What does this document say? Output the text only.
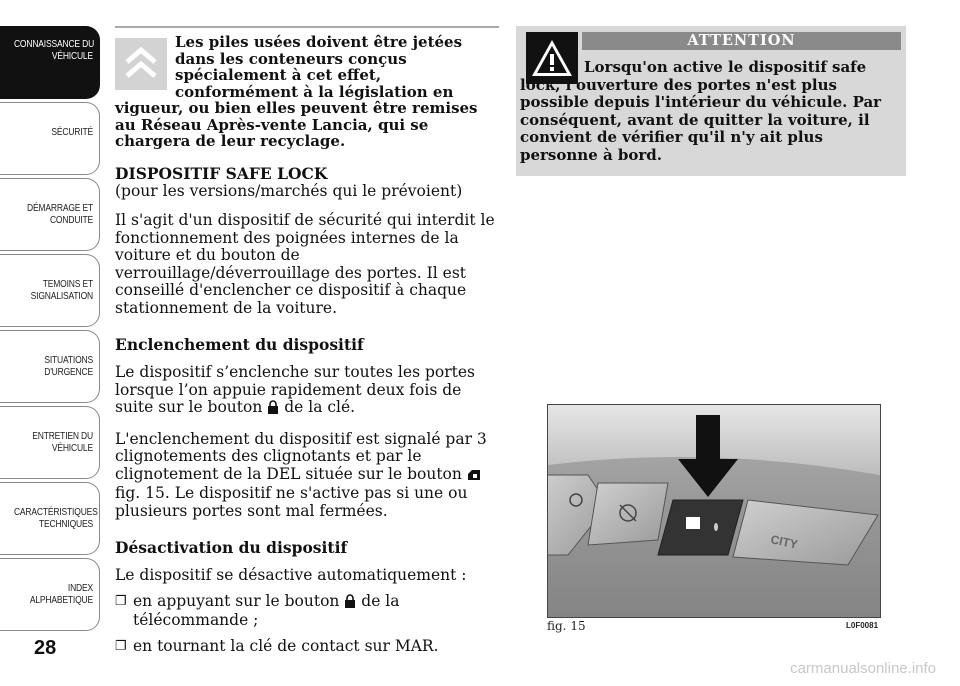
CONNAISSANCE DU
VÉHICULE
SÉCURITÉ
DÉMARRAGE ET
CONDUITE
TEMOINS ET
SIGNALISATION
SITUATIONS
D'URGENCE
ENTRETIEN DU
VÉHICULE
CARACTÉRISTIQUES
TECHNIQUES
INDEX
ALPHABETIQUE
28
Les piles usées doivent être jetées dans les conteneurs conçus spécialement à cet effet, conformément à la législation en vigueur, ou bien elles peuvent être remises au Réseau Après-vente Lancia, qui se chargera de leur recyclage.
DISPOSITIF SAFE LOCK

(pour les versions/marchés qui le prévoient)

Il s'agit d'un dispositif de sécurité qui interdit le fonctionnement des poignées internes de la voiture et du bouton de verrouillage/déverrouillage des portes. Il est conseillé d'enclencher ce dispositif à chaque stationnement de la voiture.

Enclenchement du dispositif

Le dispositif s’enclenche sur toutes les portes lorsque l’on appuie rapidement deux fois de suite sur le bouton de la clé.

L'enclenchement du dispositif est signalé par 3 clignotements des clignotants et par le clignotement de la DEL située sur le bouton  fig. 15. Le dispositif ne s'active pas si une ou plusieurs portes sont mal fermées.

Désactivation du dispositif

Le dispositif se désactive automatiquement :

❐ en appuyant sur le bouton de la télécommande ;
❐ en tournant la clé de contact sur MAR.
ATTENTION
Lorsqu'on active le dispositif safe lock, l'ouverture des portes n'est plus possible depuis l'intérieur du véhicule. Par conséquent, avant de quitter la voiture, il convient de vérifier qu'il n'y ait plus personne à bord.
CITY
fig. 15	L0F0081
carmanualsonline.info
